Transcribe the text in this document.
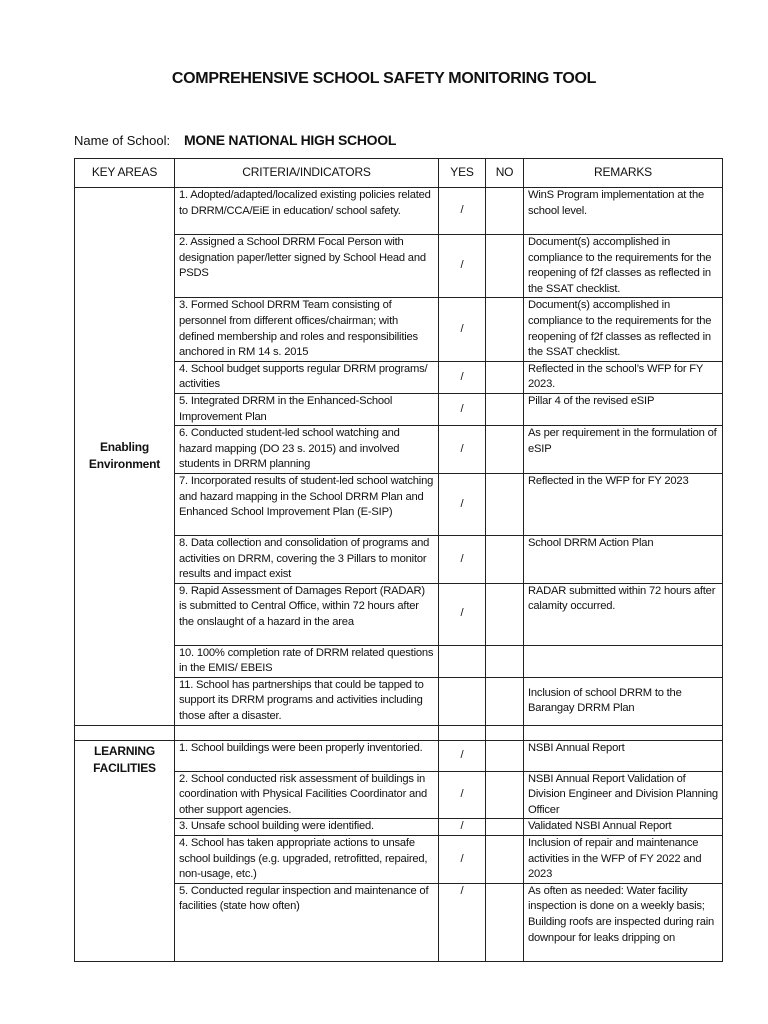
COMPREHENSIVE SCHOOL SAFETY MONITORING TOOL
Name of School: MONE NATIONAL HIGH SCHOOL
KEY AREAS	CRITERIA/INDICATORS	YES	NO	REMARKS
Enabling Environment	1. Adopted/adapted/localized existing policies related to DRRM/CCA/EiE in education/ school safety.	/		WinS Program implementation at the school level.
	2. Assigned a School DRRM Focal Person with designation paper/letter signed by School Head and PSDS	/		Document(s) accomplished in compliance to the requirements for the reopening of f2f classes as reflected in the SSAT checklist.
	3. Formed School DRRM Team consisting of personnel from different offices/chairman; with defined membership and roles and responsibilities anchored in RM 14 s. 2015	/		Document(s) accomplished in compliance to the requirements for the reopening of f2f classes as reflected in the SSAT checklist.
	4. School budget supports regular DRRM programs/ activities	/		Reflected in the school’s WFP for FY 2023.
	5. Integrated DRRM in the Enhanced-School Improvement Plan	/		Pillar 4 of the revised eSIP
	6. Conducted student-led school watching and hazard mapping (DO 23 s. 2015) and involved students in DRRM planning	/		As per requirement in the formulation of eSIP
	7. Incorporated results of student-led school watching and hazard mapping in the School DRRM Plan and Enhanced School Improvement Plan (E-SIP)	/		Reflected in the WFP for FY 2023
	8. Data collection and consolidation of programs and activities on DRRM, covering the 3 Pillars to monitor results and impact exist	/		School DRRM Action Plan
	9. Rapid Assessment of Damages Report (RADAR) is submitted to Central Office, within 72 hours after the onslaught of a hazard in the area	/		RADAR submitted within 72 hours after calamity occurred.
	10. 100% completion rate of DRRM related questions in the EMIS/ EBEIS			
	11. School has partnerships that could be tapped to support its DRRM programs and activities including those after a disaster.			Inclusion of school DRRM to the Barangay DRRM Plan

LEARNING FACILITIES	1. School buildings were been properly inventoried.	/		NSBI Annual Report
	2. School conducted risk assessment of buildings in coordination with Physical Facilities Coordinator and other support agencies.	/		NSBI Annual Report Validation of Division Engineer and Division Planning Officer
	3. Unsafe school building were identified.	/		Validated NSBI Annual Report
	4. School has taken appropriate actions to unsafe school buildings (e.g. upgraded, retrofitted, repaired, non-usage, etc.)	/		Inclusion of repair and maintenance activities in the WFP of FY 2022 and 2023
	5. Conducted regular inspection and maintenance of facilities (state how often)	/		As often as needed: Water facility inspection is done on a weekly basis; Building roofs are inspected during rain downpour for leaks dripping on
